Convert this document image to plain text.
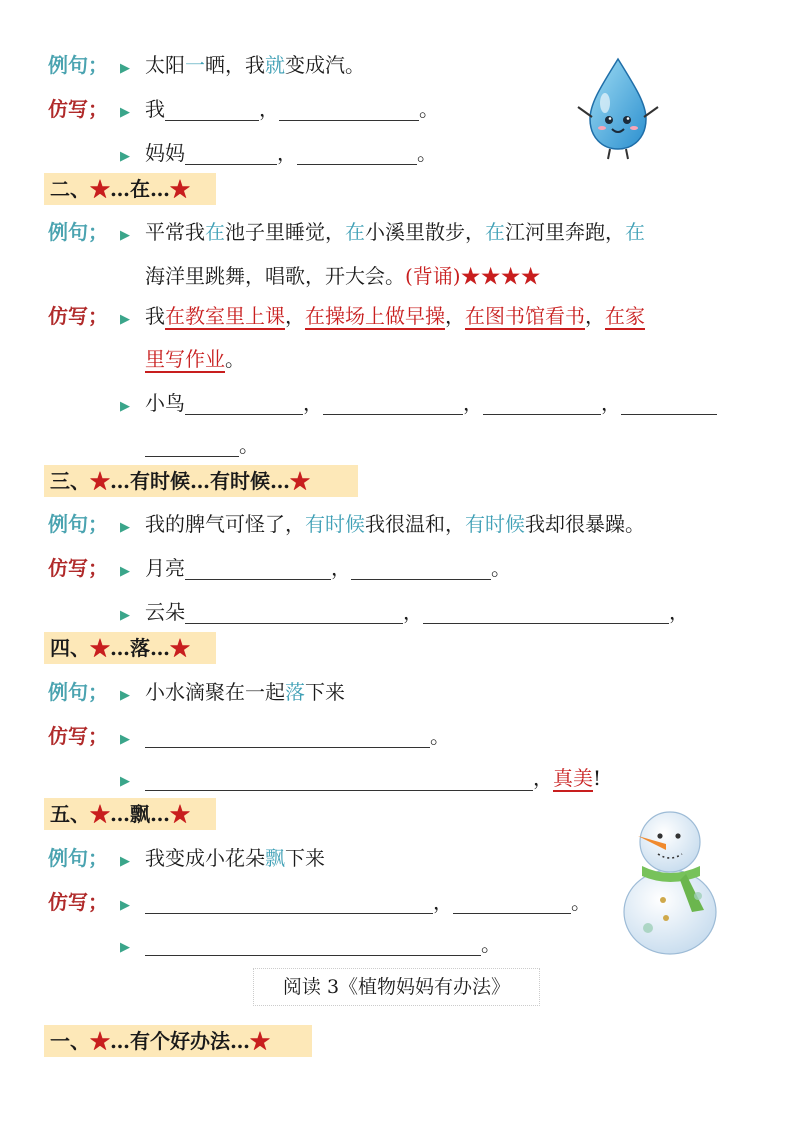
例句； ▶ 太阳一晒，我就变成汽。
仿写； ▶ 我	，	。
▶ 妈妈	，	。
二、★…在…★
例句； ▶ 平常我在池子里睡觉，在小溪里散步，在江河里奔跑，在
海洋里跳舞，唱歌，开大会。(背诵)★★★★
仿写； ▶ 我在教室里上课，在操场上做早操，在图书馆看书，在家
里写作业。
▶ 小鸟	，	，	，
。
三、★…有时候…有时候…★
例句； ▶ 我的脾气可怪了，有时候我很温和，有时候我却很暴躁。
仿写； ▶ 月亮	，	。
▶ 云朵	，	，
四、★…落…★
例句； ▶ 小水滴聚在一起落下来
仿写； ▶	。
▶	，真美!
五、★…飘…★
例句； ▶ 我变成小花朵飘下来
仿写； ▶	，	。
▶	。
阅读 3《植物妈妈有办法》
一、★…有个好办法…★
